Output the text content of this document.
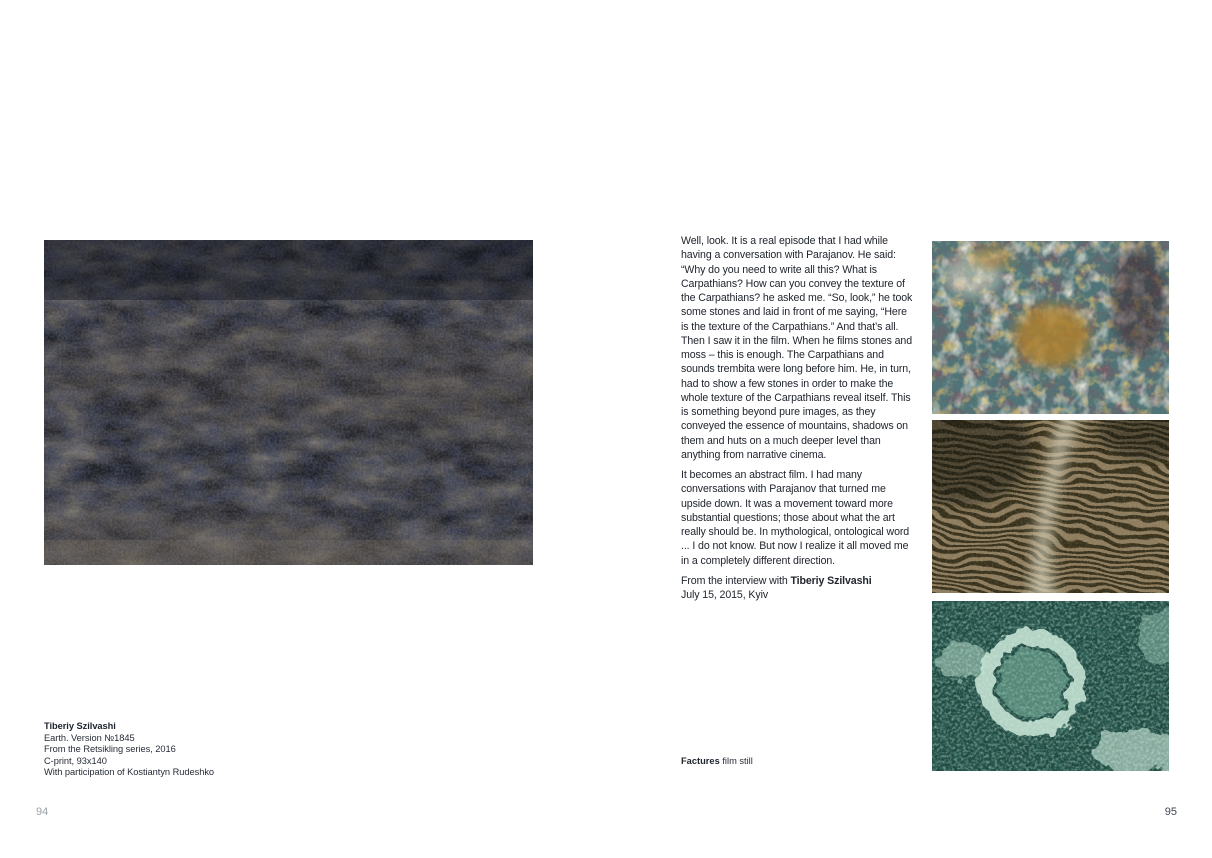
Tiberiy Szilvashi
Earth. Version №1845
From the Retsikling series, 2016
C-print, 93x140
With participation of Kostiantyn Rudeshko
94

Well, look. It is a real episode that I had while having a conversation with Parajanov. He said: “Why do you need to write all this? What is Carpathians? How can you convey the texture of the Carpathians? he asked me. “So, look,” he took some stones and laid in front of me saying, “Here is the texture of the Carpathians.” And that’s all. Then I saw it in the film. When he films stones and moss – this is enough. The Carpathians and sounds trembita were long before him. He, in turn, had to show a few stones in order to make the whole texture of the Carpathians reveal itself. This is something beyond pure images, as they conveyed the essence of mountains, shadows on them and huts on a much deeper level than anything from narrative cinema.

It becomes an abstract film. I had many conversations with Parajanov that turned me upside down. It was a movement toward more substantial questions; those about what the art really should be. In mythological, ontological word ... I do not know. But now I realize it all moved me in a completely different direction.

From the interview with Tiberiy Szilvashi
July 15, 2015, Kyiv

Factures film still
95
